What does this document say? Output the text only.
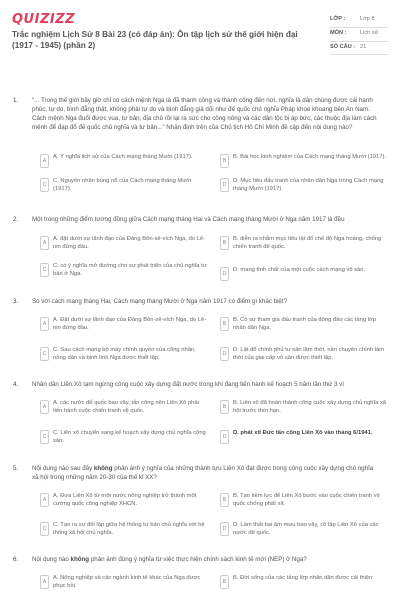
QUIZIZZ
Trắc nghiệm Lịch Sử 8 Bài 23 (có đáp án): Ôn tập lịch sử thế giới hiện đại (1917 - 1945) (phần 2)
LỚP :	Lớp 8
MÔN :	Lịch sử
SỐ CÂU : 21
1. "... Trong thế giới bây giờ chỉ có cách mệnh Nga là đã thành công và thành công đến nơi, nghĩa là dân chúng được cái hạnh phúc, tự do, bình đẳng thật, không phải tự do và bình đẳng giả dối như đế quốc chủ nghĩa Pháp khoe khoang bên An Nam. Cách mệnh Nga đuổi được vua, tư bản, địa chủ rồi lại ra sức cho công nông và các dân tộc bị áp bức, các thuộc địa làm cách mệnh để đạp đổ đế quốc chủ nghĩa và tư bản..." Nhận định trên của Chủ tịch Hồ Chí Minh đề cập đến nội dung nào?
A
A. Ý nghĩa lịch sử của Cách mạng tháng Mười (1917).
B
B. Bài học kinh nghiệm của Cách mạng tháng Mười (1917).
C
C. Nguyên nhân bùng nổ của Cách mạng tháng Mười (1917).
D
D. Mục tiêu đấu tranh của nhân dân Nga trong Cách mạng tháng Mười (1917).
2. Một trong những điểm tương đồng giữa Cách mạng tháng Hai và Cách mạng tháng Mười ở Nga năm 1917 là đều
A
A. đặt dưới sự lãnh đạo của Đảng Bôn-sê-vích Nga, do Lê-nin đứng đầu.
B
B. diễn ra nhằm mục tiêu lật đổ chế độ Nga hoàng, chống chiến tranh đế quốc.
C
C. có ý nghĩa mở đường cho sự phát triển của chủ nghĩa tư bản ở Nga.	D
D. mang tính chất của một cuộc cách mạng vô sản.
3. So với cách mạng tháng Hai, Cách mạng tháng Mười ở Nga năm 1917 có điểm gì khác biệt?
A
A. Đặt dưới sự lãnh đạo của Đảng Bôn-sê-vích Nga, do Lê-nin đứng đầu.
B
B. Có sự tham gia đấu tranh của đông đảo các tầng lớp nhân dân Nga.
C
C. Sau cách mạng bộ máy chính quyền của công nhân, nông dân và binh lính Nga được thiết lập.
D
D. Lật đổ chính phủ tư sản lâm thời, nền chuyên chính làm thời của giai cấp vô sản được thiết lập.
4. Nhân dân Liên Xô tạm ngừng công cuộc xây dựng đất nước trong khi đang tiến hành kế hoạch 5 năm lần thứ 3 vì
A
A. các nước đế quốc bao vây, tấn công nên Liên Xô phải tiến hành cuộc chiến tranh vệ quốc.
B
B. Liên xô đã hoàn thành công cuộc xây dựng chủ nghĩa xã hội trước thời hạn.
C
C. Liên xô chuyển sang kế hoạch xây dựng chủ nghĩa cộng sản.
D
D. phát xít Đức tấn công Liên Xô vào tháng 6/1941.
5. Nội dung nào sau đây không phản ánh ý nghĩa của những thành tựu Liên Xô đạt được trong công cuộc xây dựng chủ nghĩa xã hội trong những năm 20-30 của thế kỉ XX?
A
A. Đưa Liên Xô từ một nước nông nghiệp trở thành một cường quốc công nghiệp XHCN.
B
B. Tạo tiềm lực để Liên Xô bước vào cuộc chiến tranh vệ quốc chống phát xít.
C
C. Tạo ra sự đối lập giữa hệ thống tư bản chủ nghĩa với hệ thống xã hội chủ nghĩa.
D
D. Làm thất bại âm mưu bao vây, cô lập Liên Xô của các nước đế quốc.
6. Nội dung nào không phản ánh đúng ý nghĩa từ việc thực hiện chính sách kinh tế mới (NEP) ở Nga?
A
A. Nông nghiệp và các ngành kinh tế khác của Nga được phục hồi.
B
B. Đời sống của các tầng lớp nhân dân được cải thiện.
